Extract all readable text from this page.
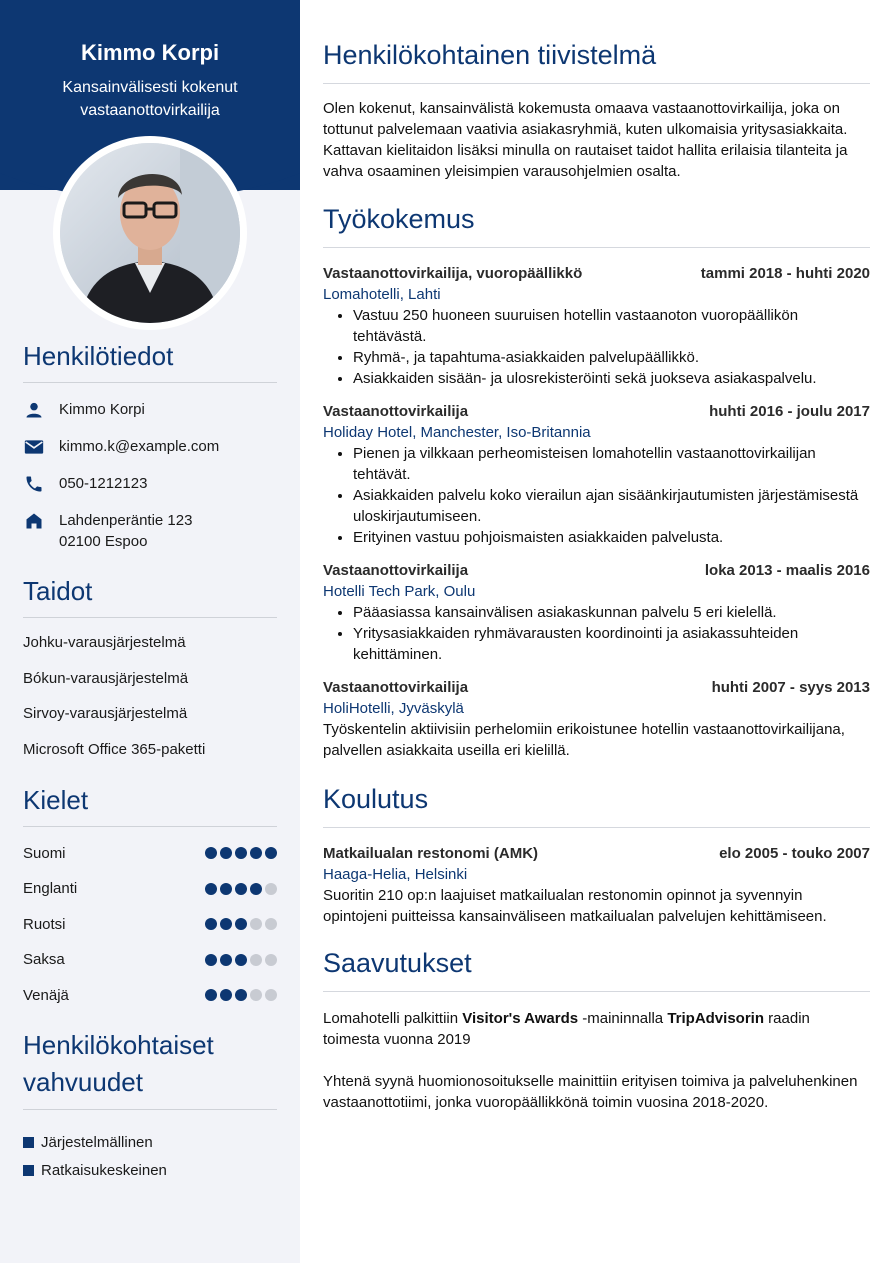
Kimmo Korpi
Kansainvälisesti kokenut vastaanottovirkailija
Henkilötiedot
Kimmo Korpi
kimmo.k@example.com
050-1212123
Lahdenperäntie 123
02100 Espoo
Taidot
Johku-varausjärjestelmä
Bókun-varausjärjestelmä
Sirvoy-varausjärjestelmä
Microsoft Office 365-paketti
Kielet
Suomi
Englanti
Ruotsi
Saksa
Venäjä
Henkilökohtaiset vahvuudet
Järjestelmällinen
Ratkaisukeskeinen
Henkilökohtainen tiivistelmä
Olen kokenut, kansainvälistä kokemusta omaava vastaanottovirkailija, joka on tottunut palvelemaan vaativia asiakasryhmiä, kuten ulkomaisia yritysasiakkaita. Kattavan kielitaidon lisäksi minulla on rautaiset taidot hallita erilaisia tilanteita ja vahva osaaminen yleisimpien varausohjelmien osalta.
Työkokemus
Vastaanottovirkailija, vuoropäällikkö	tammi 2018 - huhti 2020
Lomahotelli, Lahti
• Vastuu 250 huoneen suuruisen hotellin vastaanoton vuoropäällikön tehtävästä.
• Ryhmä-, ja tapahtuma-asiakkaiden palvelupäällikkö.
• Asiakkaiden sisään- ja ulosrekisteröinti sekä juokseva asiakaspalvelu.
Vastaanottovirkailija	huhti 2016 - joulu 2017
Holiday Hotel, Manchester, Iso-Britannia
• Pienen ja vilkkaan perheomisteisen lomahotellin vastaanottovirkailijan tehtävät.
• Asiakkaiden palvelu koko vierailun ajan sisäänkirjautumisten järjestämisestä uloskirjautumiseen.
• Erityinen vastuu pohjoismaisten asiakkaiden palvelusta.
Vastaanottovirkailija	loka 2013 - maalis 2016
Hotelli Tech Park, Oulu
• Pääasiassa kansainvälisen asiakaskunnan palvelu 5 eri kielellä.
• Yritysasiakkaiden ryhmävarausten koordinointi ja asiakassuhteiden kehittäminen.
Vastaanottovirkailija	huhti 2007 - syys 2013
HoliHotelli, Jyväskylä
Työskentelin aktiivisiin perhelomiin erikoistunee hotellin vastaanottovirkailijana, palvellen asiakkaita useilla eri kielillä.
Koulutus
Matkailualan restonomi (AMK)	elo 2005 - touko 2007
Haaga-Helia, Helsinki
Suoritin 210 op:n laajuiset matkailualan restonomin opinnot ja syvennyin opintojeni puitteissa kansainväliseen matkailualan palvelujen kehittämiseen.
Saavutukset
Lomahotelli palkittiin Visitor's Awards -maininnalla TripAdvisorin raadin toimesta vuonna 2019
Yhtenä syynä huomionosoitukselle mainittiin erityisen toimiva ja palveluhenkinen vastaanottotiimi, jonka vuoropäällikkönä toimin vuosina 2018-2020.
